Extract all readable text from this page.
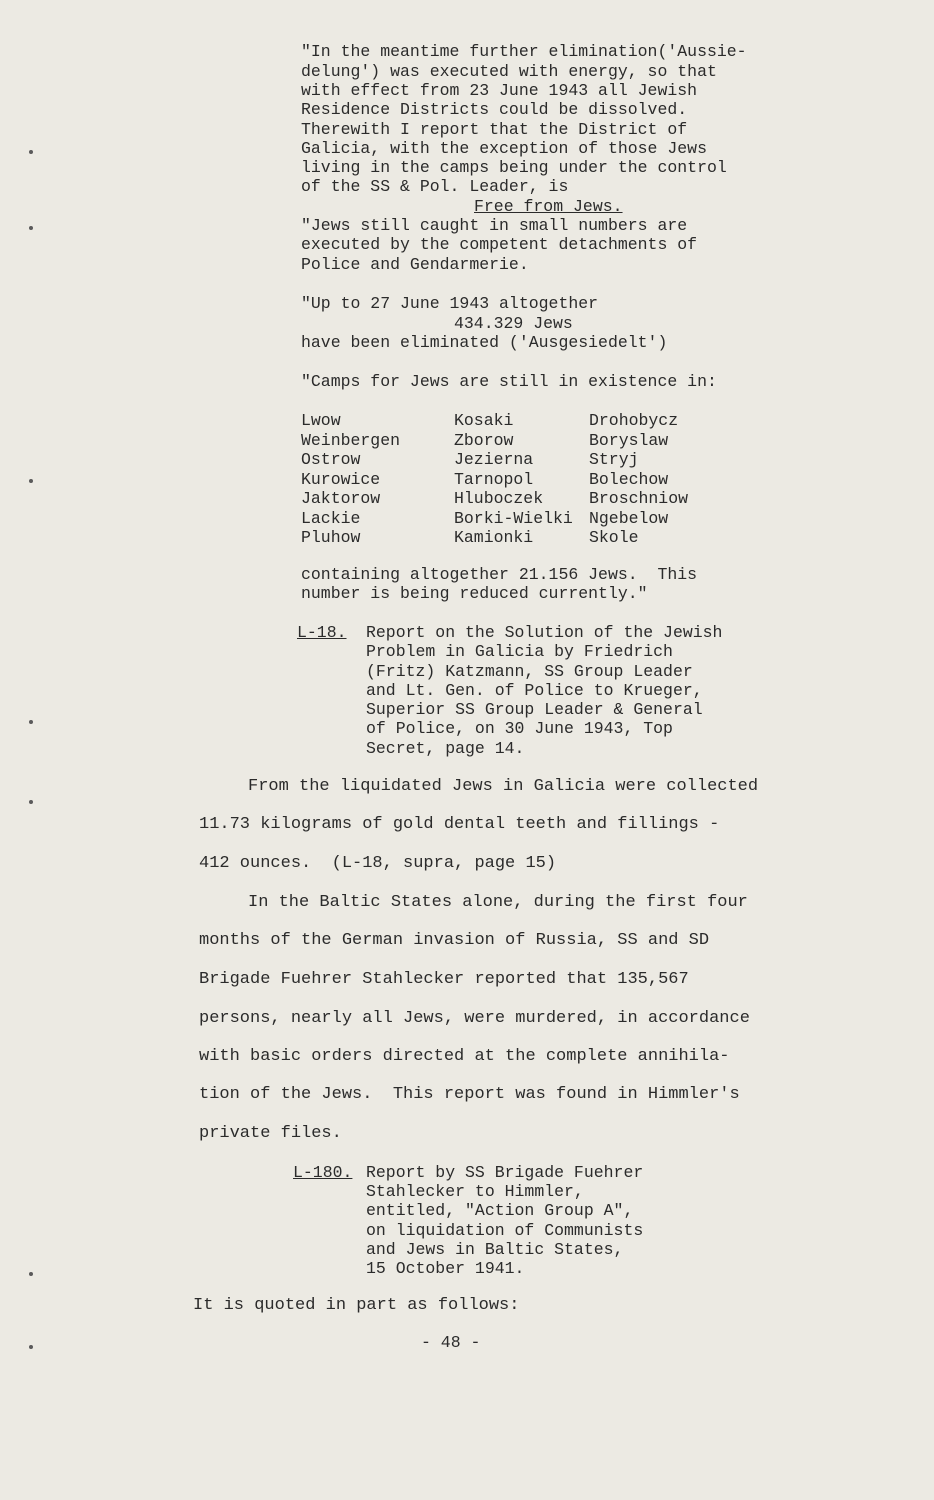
"In the meantime further elimination('Aussie-
delung') was executed with energy, so that
with effect from 23 June 1943 all Jewish
Residence Districts could be dissolved.
Therewith I report that the District of
Galicia, with the exception of those Jews
living in the camps being under the control
of the SS & Pol. Leader, is
Free from Jews.
"Jews still caught in small numbers are
executed by the competent detachments of
Police and Gendarmerie.
"Up to 27 June 1943 altogether
434.329 Jews
have been eliminated ('Ausgesiedelt')
"Camps for Jews are still in existence in:
Lwow
Weinbergen
Ostrow
Kurowice
Jaktorow
Lackie
Pluhow
Kosaki
Zborow
Jezierna
Tarnopol
Hluboczek
Borki-Wielki
Kamionki
Drohobycz
Boryslaw
Stryj
Bolechow
Broschniow
Ngebelow
Skole
containing altogether 21.156 Jews.  This
number is being reduced currently."
L-18. Report on the Solution of the Jewish
Problem in Galicia by Friedrich
(Fritz) Katzmann, SS Group Leader
and Lt. Gen. of Police to Krueger,
Superior SS Group Leader & General
of Police, on 30 June 1943, Top
Secret, page 14.
From the liquidated Jews in Galicia were collected
11.73 kilograms of gold dental teeth and fillings -
412 ounces.  (L-18, supra, page 15)
In the Baltic States alone, during the first four
months of the German invasion of Russia, SS and SD
Brigade Fuehrer Stahlecker reported that 135,567
persons, nearly all Jews, were murdered, in accordance
with basic orders directed at the complete annihila-
tion of the Jews.  This report was found in Himmler's
private files.
L-180. Report by SS Brigade Fuehrer
Stahlecker to Himmler,
entitled, "Action Group A",
on liquidation of Communists
and Jews in Baltic States,
15 October 1941.
It is quoted in part as follows:
- 48 -
